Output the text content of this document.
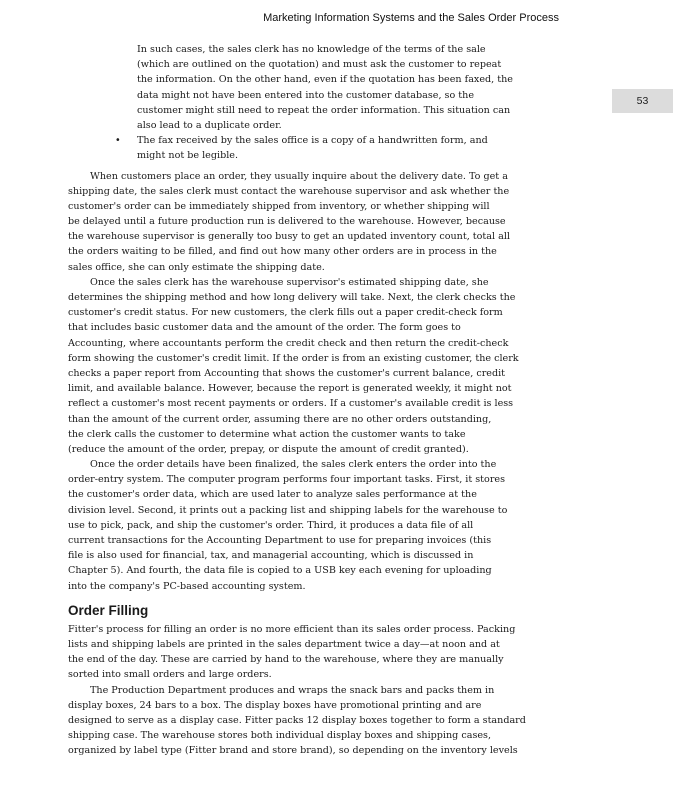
Marketing Information Systems and the Sales Order Process
53
In such cases, the sales clerk has no knowledge of the terms of the sale
(which are outlined on the quotation) and must ask the customer to repeat
the information. On the other hand, even if the quotation has been faxed, the
data might not have been entered into the customer database, so the
customer might still need to repeat the order information. This situation can
also lead to a duplicate order.
• The fax received by the sales office is a copy of a handwritten form, and
might not be legible.
When customers place an order, they usually inquire about the delivery date. To get a
shipping date, the sales clerk must contact the warehouse supervisor and ask whether the
customer's order can be immediately shipped from inventory, or whether shipping will
be delayed until a future production run is delivered to the warehouse. However, because
the warehouse supervisor is generally too busy to get an updated inventory count, total all
the orders waiting to be filled, and find out how many other orders are in process in the
sales office, she can only estimate the shipping date.
Once the sales clerk has the warehouse supervisor's estimated shipping date, she
determines the shipping method and how long delivery will take. Next, the clerk checks the
customer's credit status. For new customers, the clerk fills out a paper credit-check form
that includes basic customer data and the amount of the order. The form goes to
Accounting, where accountants perform the credit check and then return the credit-check
form showing the customer's credit limit. If the order is from an existing customer, the clerk
checks a paper report from Accounting that shows the customer's current balance, credit
limit, and available balance. However, because the report is generated weekly, it might not
reflect a customer's most recent payments or orders. If a customer's available credit is less
than the amount of the current order, assuming there are no other orders outstanding,
the clerk calls the customer to determine what action the customer wants to take
(reduce the amount of the order, prepay, or dispute the amount of credit granted).
Once the order details have been finalized, the sales clerk enters the order into the
order-entry system. The computer program performs four important tasks. First, it stores
the customer's order data, which are used later to analyze sales performance at the
division level. Second, it prints out a packing list and shipping labels for the warehouse to
use to pick, pack, and ship the customer's order. Third, it produces a data file of all
current transactions for the Accounting Department to use for preparing invoices (this
file is also used for financial, tax, and managerial accounting, which is discussed in
Chapter 5). And fourth, the data file is copied to a USB key each evening for uploading
into the company's PC-based accounting system.
Order Filling
Fitter's process for filling an order is no more efficient than its sales order process. Packing
lists and shipping labels are printed in the sales department twice a day—at noon and at
the end of the day. These are carried by hand to the warehouse, where they are manually
sorted into small orders and large orders.
The Production Department produces and wraps the snack bars and packs them in
display boxes, 24 bars to a box. The display boxes have promotional printing and are
designed to serve as a display case. Fitter packs 12 display boxes together to form a standard
shipping case. The warehouse stores both individual display boxes and shipping cases,
organized by label type (Fitter brand and store brand), so depending on the inventory levels
